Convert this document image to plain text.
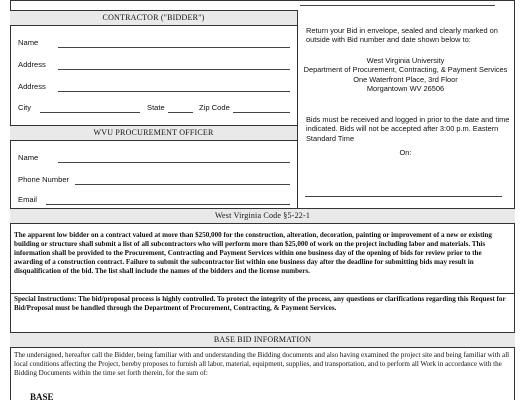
CONTRACTOR ("BIDDER")
Name
Address
Address
City	State	Zip Code
WVU PROCUREMENT OFFICER
Name
Phone Number
Email
Return your Bid in envelope, sealed and clearly marked on outside with Bid number and date shown below to:
West Virginia University
Department of Procurement, Contracting, & Payment Services
One Waterfront Place, 3rd Floor
Morgantown WV 26506
Bids must be received and logged in prior to the date and time indicated. Bids will not be accepted after 3:00 p.m. Eastern Standard Time
On:
West Virginia Code §5-22-1
The apparent low bidder on a contract valued at more than $250,000 for the construction, alteration, decoration, painting or improvement of a new or existing building or structure shall submit a list of all subcontractors who will perform more than $25,000 of work on the project including labor and materials. This information shall be provided to the Procurement, Contracting and Payment Services within one business day of the opening of bids for review prior to the awarding of a construction contract. Failure to submit the subcontractor list within one business day after the deadline for submitting bids may result in disqualification of the bid. The list shall include the names of the bidders and the license numbers.
Special Instructions: The bid/proposal process is highly controlled. To protect the integrity of the process, any questions or clarifications regarding this Request for Bid/Proposal must be handled through the Department of Procurement, Contracting, & Payment Services.
BASE BID INFORMATION
The undersigned, hereafter call the Bidder, being familiar with and understanding the Bidding documents and also having examined the project site and being familiar with all local conditions affecting the Project, hereby proposes to furnish all labor, material, equipment, supplies, and transportation, and to perform all Work in accordance with the Bidding Documents within the time set forth therein, for the sum of:
BASE
